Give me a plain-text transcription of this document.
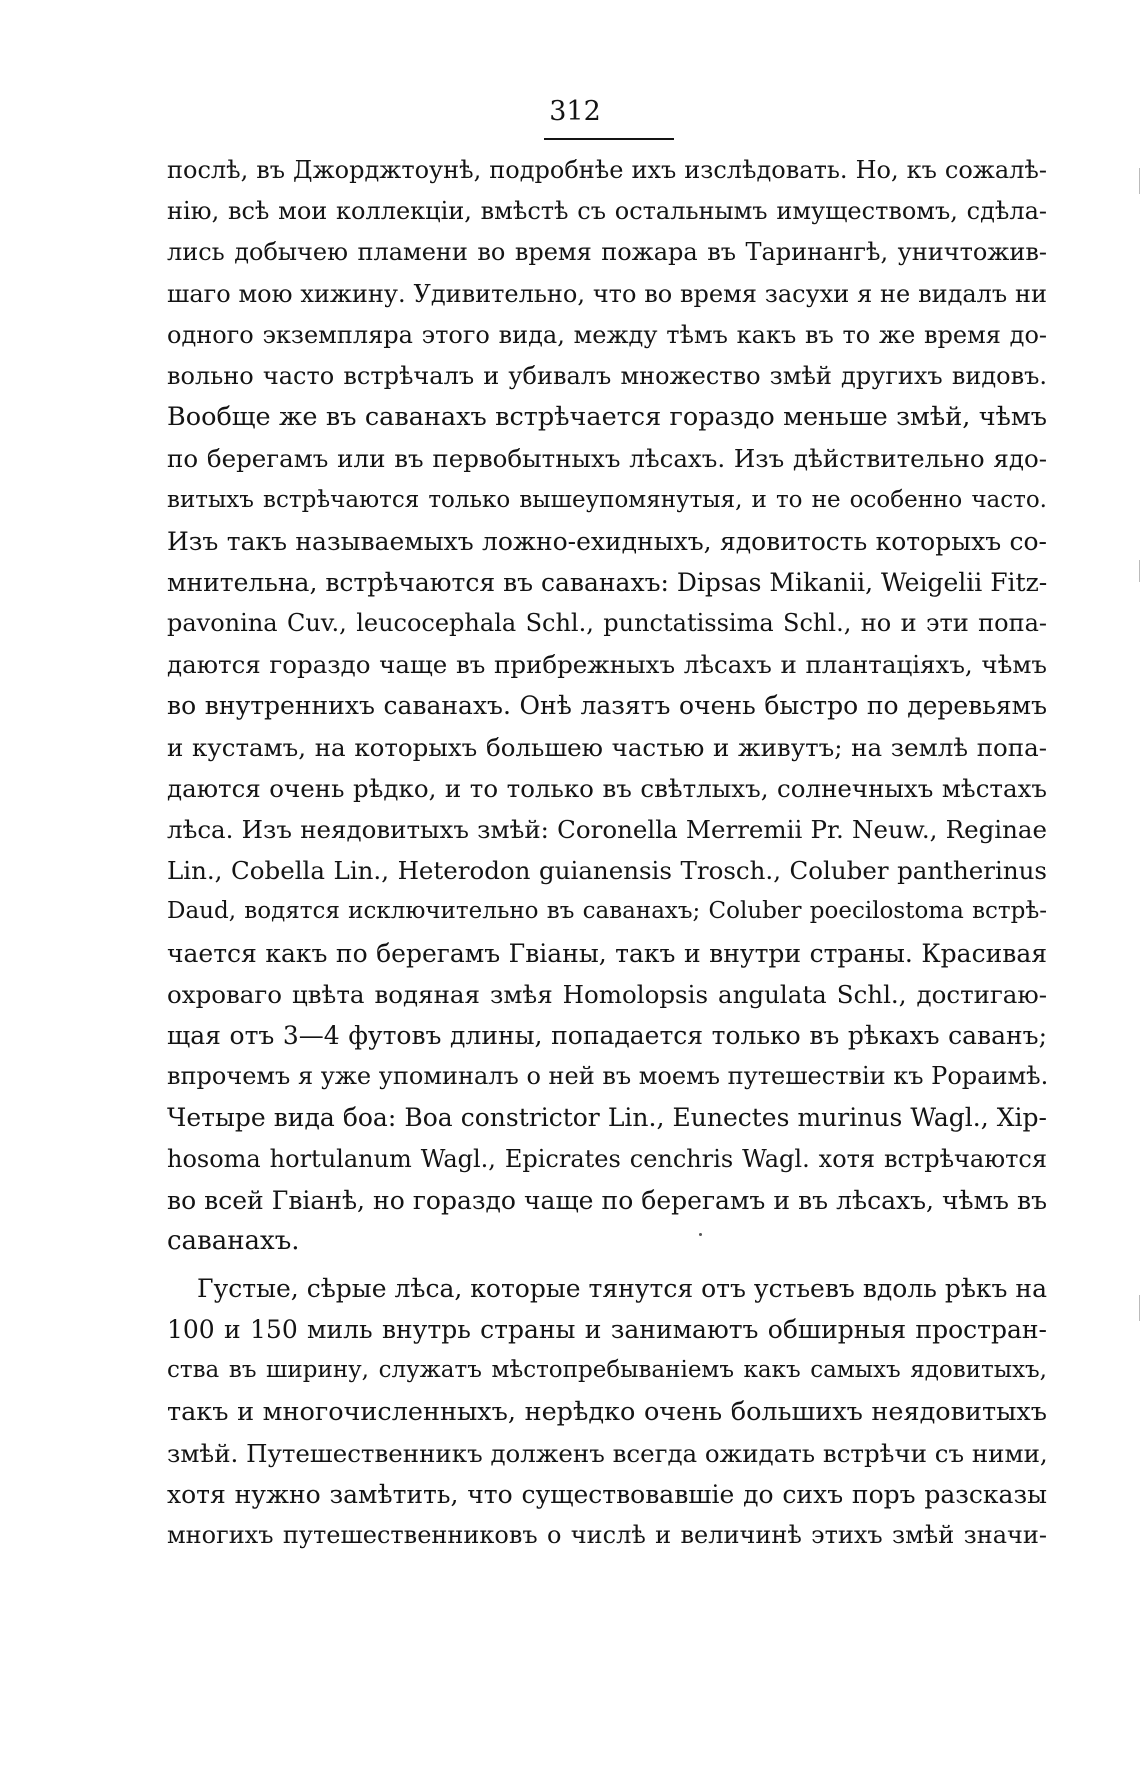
312
послѣ, въ Джорджтоунѣ, подробнѣе ихъ изслѣдовать. Но, къ сожалѣ-
нію, всѣ мои коллекціи, вмѣстѣ съ остальнымъ имуществомъ, сдѣла-
лись добычею пламени во время пожара въ Таринангѣ, уничтожив-
шаго мою хижину. Удивительно, что во время засухи я не видалъ ни
одного экземпляра этого вида, между тѣмъ какъ въ то же время до-
вольно часто встрѣчалъ и убивалъ множество змѣй другихъ видовъ.
Вообще же въ саванахъ встрѣчается гораздо меньше змѣй, чѣмъ
по берегамъ или въ первобытныхъ лѣсахъ. Изъ дѣйствительно ядо-
витыхъ встрѣчаются только вышеупомянутыя, и то не особенно часто.
Изъ такъ называемыхъ ложно-ехидныхъ, ядовитость которыхъ со-
мнительна, встрѣчаются въ саванахъ: Dipsas Mikanii, Weigelii Fitz-
pavonina Cuv., leucocephala Schl., punctatissima Schl., но и эти попа-
даются гораздо чаще въ прибрежныхъ лѣсахъ и плантаціяхъ, чѣмъ
во внутреннихъ саванахъ. Онѣ лазятъ очень быстро по деревьямъ
и кустамъ, на которыхъ большею частью и живутъ; на землѣ попа-
даются очень рѣдко, и то только въ свѣтлыхъ, солнечныхъ мѣстахъ
лѣса. Изъ неядовитыхъ змѣй: Coronella Merremii Pr. Neuw., Reginae
Lin., Cobella Lin., Heterodon guianensis Trosch., Coluber pantherinus
Daud, водятся исключительно въ саванахъ; Coluber poecilostoma встрѣ-
чается какъ по берегамъ Гвіаны, такъ и внутри страны. Красивая
охроваго цвѣта водяная змѣя Homolopsis angulata Schl., достигаю-
щая отъ 3—4 футовъ длины, попадается только въ рѣкахъ саванъ;
впрочемъ я уже упоминалъ о ней въ моемъ путешествіи къ Рораимѣ.
Четыре вида боа: Boa constrictor Lin., Eunectes murinus Wagl., Xip-
hosoma hortulanum Wagl., Epicrates cenchris Wagl. хотя встрѣчаются
во всей Гвіанѣ, но гораздо чаще по берегамъ и въ лѣсахъ, чѣмъ въ
саванахъ.
Густые, сѣрые лѣса, которые тянутся отъ устьевъ вдоль рѣкъ на
100 и 150 миль внутрь страны и занимаютъ обширныя простран-
ства въ ширину, служатъ мѣстопребываніемъ какъ самыхъ ядовитыхъ,
такъ и многочисленныхъ, нерѣдко очень большихъ неядовитыхъ
змѣй. Путешественникъ долженъ всегда ожидать встрѣчи съ ними,
хотя нужно замѣтить, что существовавшіе до сихъ поръ разсказы
многихъ путешественниковъ о числѣ и величинѣ этихъ змѣй значи-
